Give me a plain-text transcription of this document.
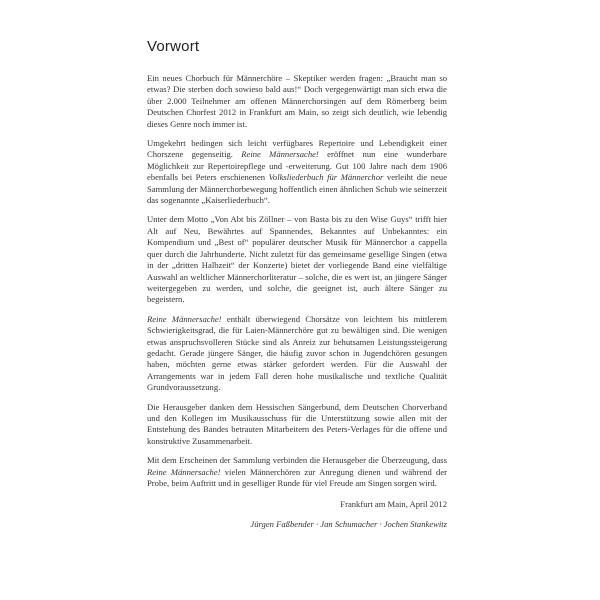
Vorwort

Ein neues Chorbuch für Männerchöre – Skeptiker werden fragen: „Braucht man so etwas? Die sterben doch sowieso bald aus!“ Doch vergegenwärtigt man sich etwa die über 2.000 Teilnehmer am offenen Männerchorsingen auf dem Römerberg beim Deutschen Chorfest 2012 in Frankfurt am Main, so zeigt sich deutlich, wie lebendig dieses Genre noch immer ist.

Umgekehrt bedingen sich leicht verfügbares Repertoire und Lebendigkeit einer Chorszene gegenseitig. Reine Männersache! eröffnet nun eine wunderbare Möglichkeit zur Repertoirepflege und -erweiterung. Gut 100 Jahre nach dem 1906 ebenfalls bei Peters erschienenen Volksliederbuch für Männerchor verleiht die neue Sammlung der Männerchorbewegung hoffentlich einen ähnlichen Schub wie seinerzeit das sogenannte „Kaiserliederbuch“.

Unter dem Motto „Von Abt bis Zöllner – von Basta bis zu den Wise Guys“ trifft hier Alt auf Neu, Bewährtes auf Spannendes, Bekanntes auf Unbekanntes: ein Kompendium und „Best of“ populärer deutscher Musik für Männerchor a cappella quer durch die Jahrhunderte. Nicht zuletzt für das gemeinsame gesellige Singen (etwa in der „dritten Halbzeit“ der Konzerte) bietet der vorliegende Band eine vielfältige Auswahl an weltlicher Männerchorliteratur – solche, die es wert ist, an jüngere Sänger weitergegeben zu werden, und solche, die geeignet ist, auch ältere Sänger zu begeistern.

Reine Männersache! enthält überwiegend Chorsätze von leichtem bis mittlerem Schwierigkeitsgrad, die für Laien-Männerchöre gut zu bewältigen sind. Die wenigen etwas anspruchsvolleren Stücke sind als Anreiz zur behutsamen Leistungssteigerung gedacht. Gerade jüngere Sänger, die häufig zuvor schon in Jugendchören gesungen haben, möchten gerne etwas stärker gefordert werden. Für die Auswahl der Arrangements war in jedem Fall deren hohe musikalische und textliche Qualität Grundvoraussetzung.

Die Herausgeber danken dem Hessischen Sängerbund, dem Deutschen Chorverband und den Kollegen im Musikausschuss für die Unterstützung sowie allen mit der Entstehung des Bandes betrauten Mitarbeitern des Peters-Verlages für die offene und konstruktive Zusammenarbeit.

Mit dem Erscheinen der Sammlung verbinden die Herausgeber die Überzeugung, dass Reine Männersache! vielen Männerchören zur Anregung dienen und während der Probe, beim Auftritt und in geselliger Runde für viel Freude am Singen sorgen wird.

Frankfurt am Main, April 2012

Jürgen Faßbender · Jan Schumacher · Jochen Stankewitz
